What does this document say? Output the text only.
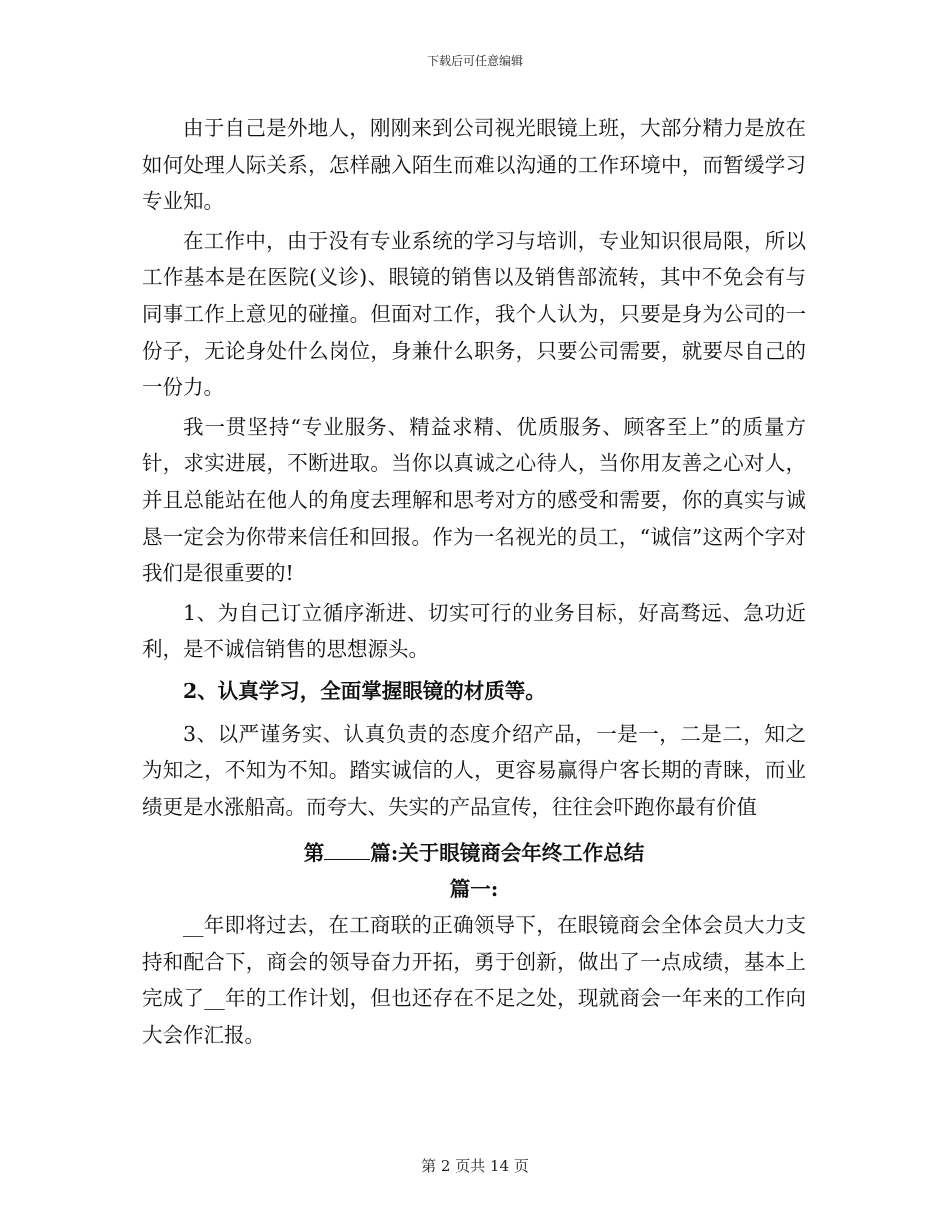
下载后可任意编辑

由于自己是外地人，刚刚来到公司视光眼镜上班，大部分精力是放在如何处理人际关系，怎样融入陌生而难以沟通的工作环境中，而暂缓学习专业知。

在工作中，由于没有专业系统的学习与培训，专业知识很局限，所以工作基本是在医院(义诊)、眼镜的销售以及销售部流转，其中不免会有与同事工作上意见的碰撞。但面对工作，我个人认为，只要是身为公司的一份子，无论身处什么岗位，身兼什么职务，只要公司需要，就要尽自己的一份力。

我一贯坚持“专业服务、精益求精、优质服务、顾客至上”的质量方针，求实进展，不断进取。当你以真诚之心待人，当你用友善之心对人，并且总能站在他人的角度去理解和思考对方的感受和需要，你的真实与诚恳一定会为你带来信任和回报。作为一名视光的员工，“诚信”这两个字对我们是很重要的!

1、为自己订立循序渐进、切实可行的业务目标，好高骛远、急功近利，是不诚信销售的思想源头。

2、认真学习，全面掌握眼镜的材质等。

3、以严谨务实、认真负责的态度介绍产品，一是一，二是二，知之为知之，不知为不知。踏实诚信的人，更容易赢得户客长期的青睐，而业绩更是水涨船高。而夸大、失实的产品宣传，往往会吓跑你最有价值

第 篇:关于眼镜商会年终工作总结
篇一:

__年即将过去，在工商联的正确领导下，在眼镜商会全体会员大力支持和配合下，商会的领导奋力开拓，勇于创新，做出了一点成绩，基本上完成了__年的工作计划，但也还存在不足之处，现就商会一年来的工作向大会作汇报。

第 2 页共 14 页
